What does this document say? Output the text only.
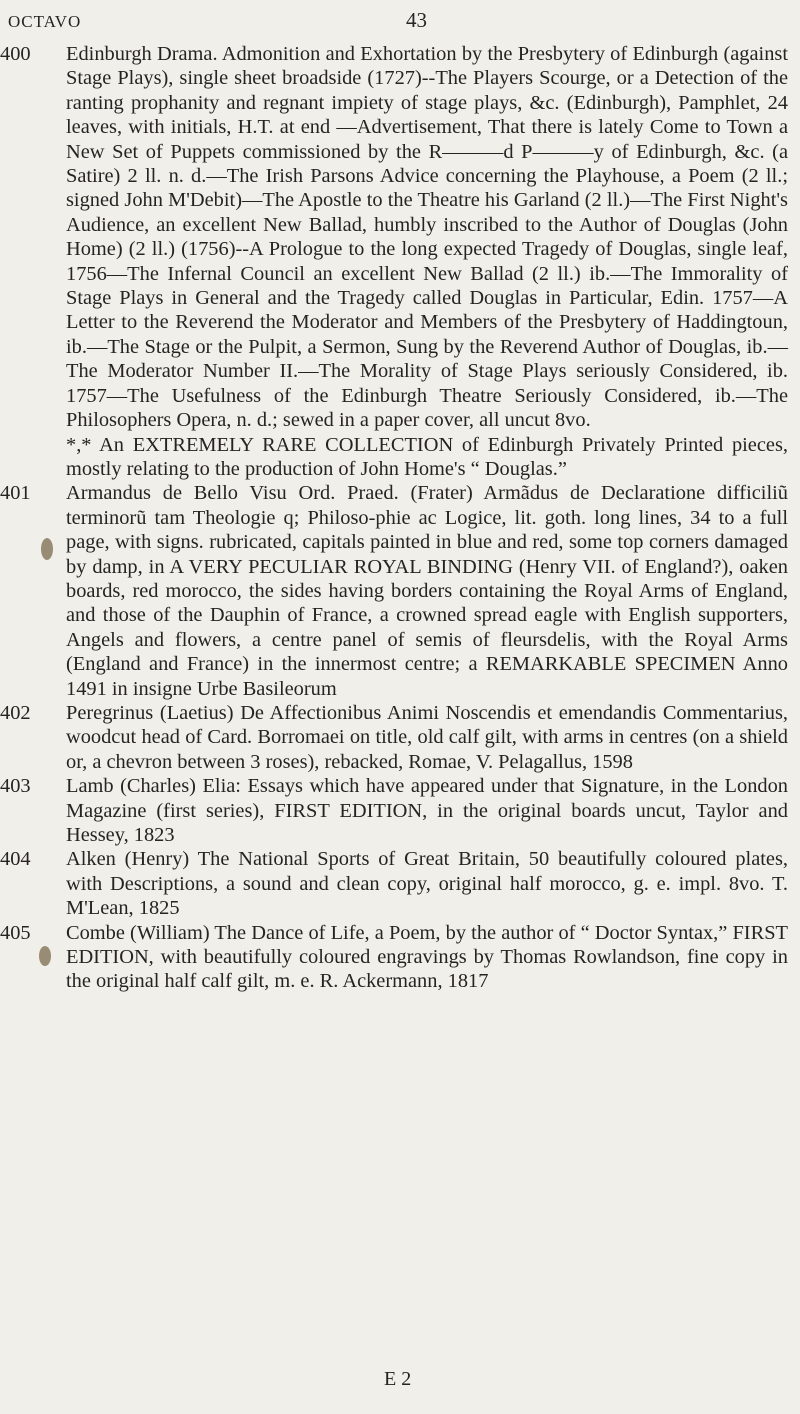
OCTAVO	43
400	Edinburgh Drama. Admonition and Exhortation by the Presbytery of Edinburgh (against Stage Plays), single sheet broadside (1727)--The Players Scourge, or a Detection of the ranting prophanity and regnant impiety of stage plays, &c. (Edinburgh), Pamphlet, 24 leaves, with initials, H.T. at end —Advertisement, That there is lately Come to Town a New Set of Puppets commissioned by the R———d P———y of Edinburgh, &c. (a Satire) 2 ll. n. d.—The Irish Parsons Advice concerning the Playhouse, a Poem (2 ll.; signed John M'Debit)—The Apostle to the Theatre his Garland (2 ll.)—The First Night's Audience, an excellent New Ballad, humbly inscribed to the Author of Douglas (John Home) (2 ll.) (1756)--A Prologue to the long expected Tragedy of Douglas, single leaf, 1756—The Infernal Council an excellent New Ballad (2 ll.) ib.—The Immorality of Stage Plays in General and the Tragedy called Douglas in Particular, Edin. 1757—A Letter to the Reverend the Moderator and Members of the Presbytery of Haddingtoun, ib.—The Stage or the Pulpit, a Sermon, Sung by the Reverend Author of Douglas, ib.—The Moderator Number II.—The Morality of Stage Plays seriously Considered, ib. 1757—The Usefulness of the Edinburgh Theatre Seriously Considered, ib.—The Philosophers Opera, n. d.; sewed in a paper cover, all uncut 8vo.
*,* An EXTREMELY RARE COLLECTION of Edinburgh Privately Printed pieces, mostly relating to the production of John Home's “ Douglas.”
401	Armandus de Bello Visu Ord. Praed. (Frater) Armãdus de Declaratione difficiliũ terminorũ tam Theologie q; Philoso-phie ac Logice, lit. goth. long lines, 34 to a full page, with signs. rubricated, capitals painted in blue and red, some top corners damaged by damp, in A VERY PECULIAR ROYAL BINDING (Henry VII. of England?), oaken boards, red morocco, the sides having borders containing the Royal Arms of England, and those of the Dauphin of France, a crowned spread eagle with English supporters, Angels and flowers, a centre panel of semis of fleursdelis, with the Royal Arms (England and France) in the innermost centre; a REMARKABLE SPECIMEN Anno 1491 in insigne Urbe Basileorum
402	Peregrinus (Laetius) De Affectionibus Animi Noscendis et emendandis Commentarius, woodcut head of Card. Borromaei on title, old calf gilt, with arms in centres (on a shield or, a chevron between 3 roses), rebacked, Romae, V. Pelagallus, 1598
403	Lamb (Charles) Elia: Essays which have appeared under that Signature, in the London Magazine (first series), FIRST EDITION, in the original boards uncut, Taylor and Hessey, 1823
404	Alken (Henry) The National Sports of Great Britain, 50 beautifully coloured plates, with Descriptions, a sound and clean copy, original half morocco, g. e. impl. 8vo. T. M'Lean, 1825
405	Combe (William) The Dance of Life, a Poem, by the author of “ Doctor Syntax,” FIRST EDITION, with beautifully coloured engravings by Thomas Rowlandson, fine copy in the original half calf gilt, m. e. R. Ackermann, 1817
E 2
